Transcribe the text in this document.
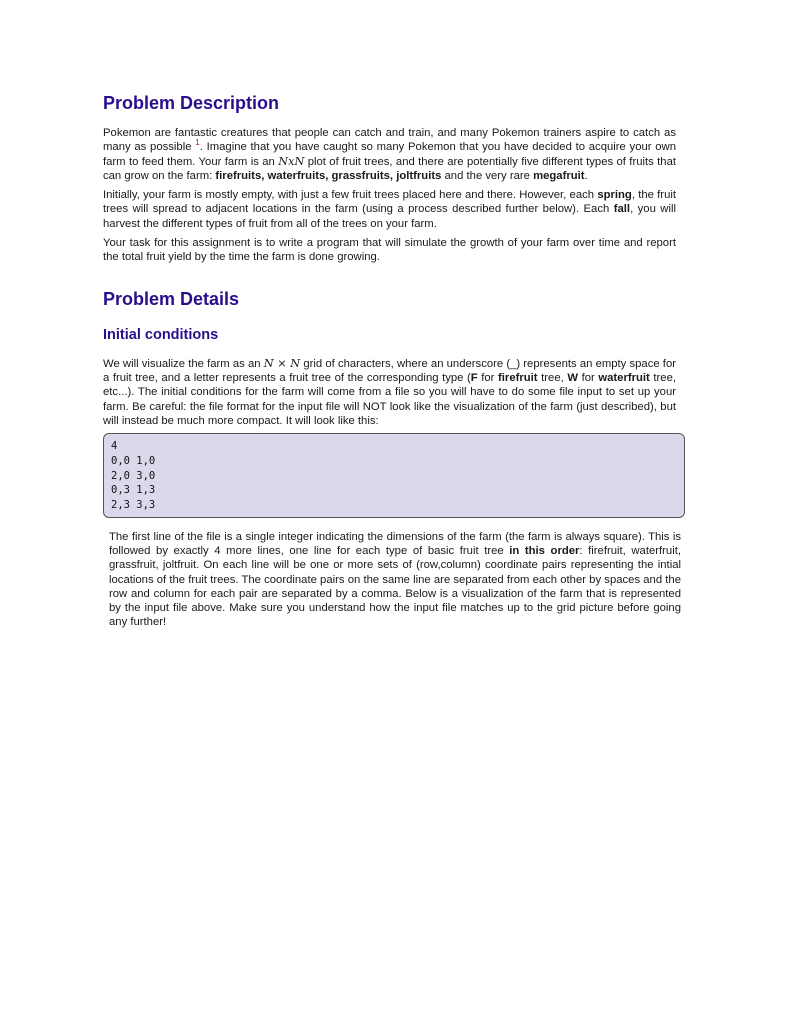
Problem Description

Pokemon are fantastic creatures that people can catch and train, and many Pokemon trainers aspire to catch as many as possible $^1$. Imagine that you have caught so many Pokemon that you have decided to acquire your own farm to feed them. Your farm is an NxN plot of fruit trees, and there are potentially five different types of fruits that can grow on the farm: firefruits, waterfruits, grassfruits, joltfruits and the very rare megafruit.

Initially, your farm is mostly empty, with just a few fruit trees placed here and there. However, each spring, the fruit trees will spread to adjacent locations in the farm (using a process described further below). Each fall, you will harvest the different types of fruit from all of the trees on your farm.

Your task for this assignment is to write a program that will simulate the growth of your farm over time and report the total fruit yield by the time the farm is done growing.

Problem Details
Initial conditions

We will visualize the farm as an N × N grid of characters, where an underscore (_) represents an empty space for a fruit tree, and a letter represents a fruit tree of the corresponding type (F for firefruit tree, W for waterfruit tree, etc...). The initial conditions for the farm will come from a file so you will have to do some file input to set up your farm. Be careful: the file format for the input file will NOT look like the visualization of the farm (just described), but will instead be much more compact. It will look like this:

4
0,0 1,0
2,0 3,0
0,3 1,3
2,3 3,3

The first line of the file is a single integer indicating the dimensions of the farm (the farm is always square). This is followed by exactly 4 more lines, one line for each type of basic fruit tree in this order: firefruit, waterfruit, grassfruit, joltfruit. On each line will be one or more sets of (row,column) coordinate pairs representing the intial locations of the fruit trees. The coordinate pairs on the same line are separated from each other by spaces and the row and column for each pair are separated by a comma. Below is a visualization of the farm that is represented by the input file above. Make sure you understand how the input file matches up to the grid picture before going any further!
